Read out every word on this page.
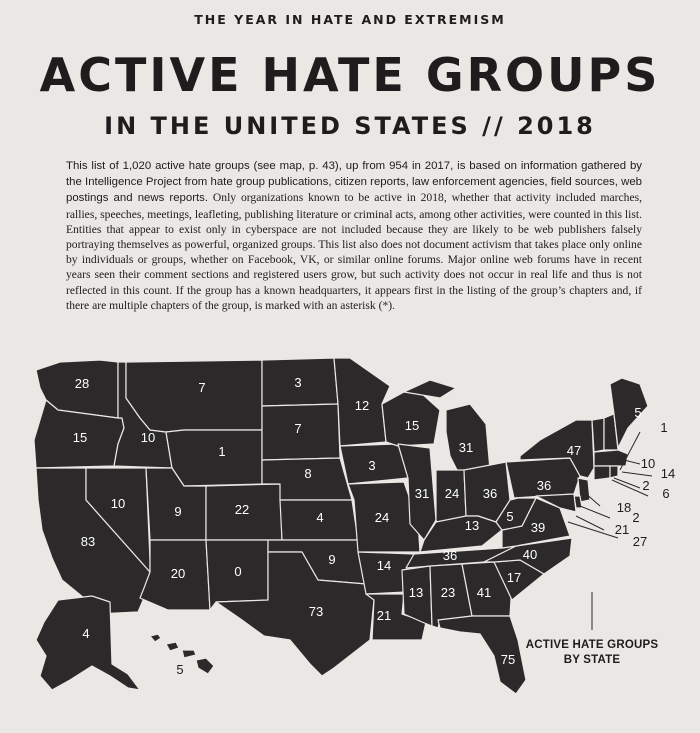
THE YEAR IN HATE AND EXTREMISM
ACTIVE HATE GROUPS
IN THE UNITED STATES // 2018

This list of 1,020 active hate groups (see map, p. 43), up from 954 in 2017, is based on information gathered by the Intelligence Project from hate group publications, citizen reports, law enforcement agencies, field sources, web postings and news reports. Only organizations known to be active in 2018, whether that activity included marches, rallies, speeches, meetings, leafleting, publishing literature or criminal acts, among other activities, were counted in this list. Entities that appear to exist only in cyberspace are not included because they are likely to be web publishers falsely portraying themselves as powerful, organized groups. This list also does not document activism that takes place only online by individuals or groups, whether on Facebook, VK, or similar online forums. Major online web forums have in recent years seen their comment sections and registered users grow, but such activity does not occur in real life and thus is not reflected in this count. If the group has a known headquarters, it appears first in the listing of the group’s chapters and, if there are multiple chapters of the group, is marked with an asterisk (*).

28
15
83
10
10
7
1
9
20
22
0
3
7
8
4
9
73
12
3
24
14
21
15
31
31
24 36
13
36
13 23 41
75
17
40
39
5
36
47
5
4
5
1
10
14
2
6
18
2
21
27
ACTIVE HATE GROUPS
BY STATE
